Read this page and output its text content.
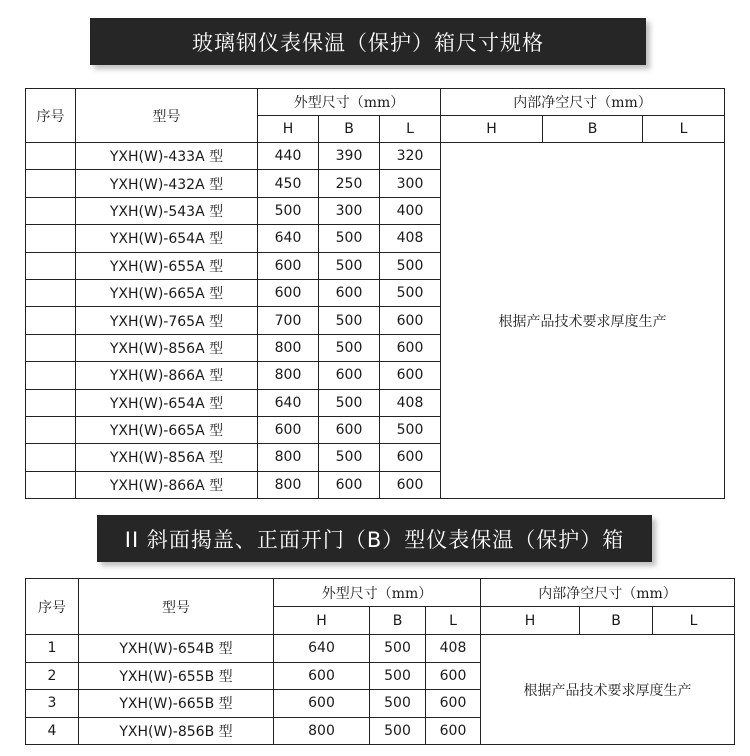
玻璃钢仪表保温（保护）箱尺寸规格
序号	型号	外型尺寸（mm）			内部净空尺寸（mm）		
		H	B	L	H	B	L
	YXH(W)-433A 型	440	390	320	根据产品技术要求厚度生产		
	YXH(W)-432A 型	450	250	300			
	YXH(W)-543A 型	500	300	400			
	YXH(W)-654A 型	640	500	408			
	YXH(W)-655A 型	600	500	500			
	YXH(W)-665A 型	600	600	500			
	YXH(W)-765A 型	700	500	600			
	YXH(W)-856A 型	800	500	600			
	YXH(W)-866A 型	800	600	600			
	YXH(W)-654A 型	640	500	408			
	YXH(W)-665A 型	600	600	500			
	YXH(W)-856A 型	800	500	600			
	YXH(W)-866A 型	800	600	600			
II 斜面揭盖、正面开门（B）型仪表保温（保护）箱
序号	型号	外型尺寸（mm）			内部净空尺寸（mm）		
		H	B	L	H	B	L
1	YXH(W)-654B 型	640	500	408	根据产品技术要求厚度生产		
2	YXH(W)-655B 型	600	500	600			
3	YXH(W)-665B 型	600	500	600			
4	YXH(W)-856B 型	800	500	600			
